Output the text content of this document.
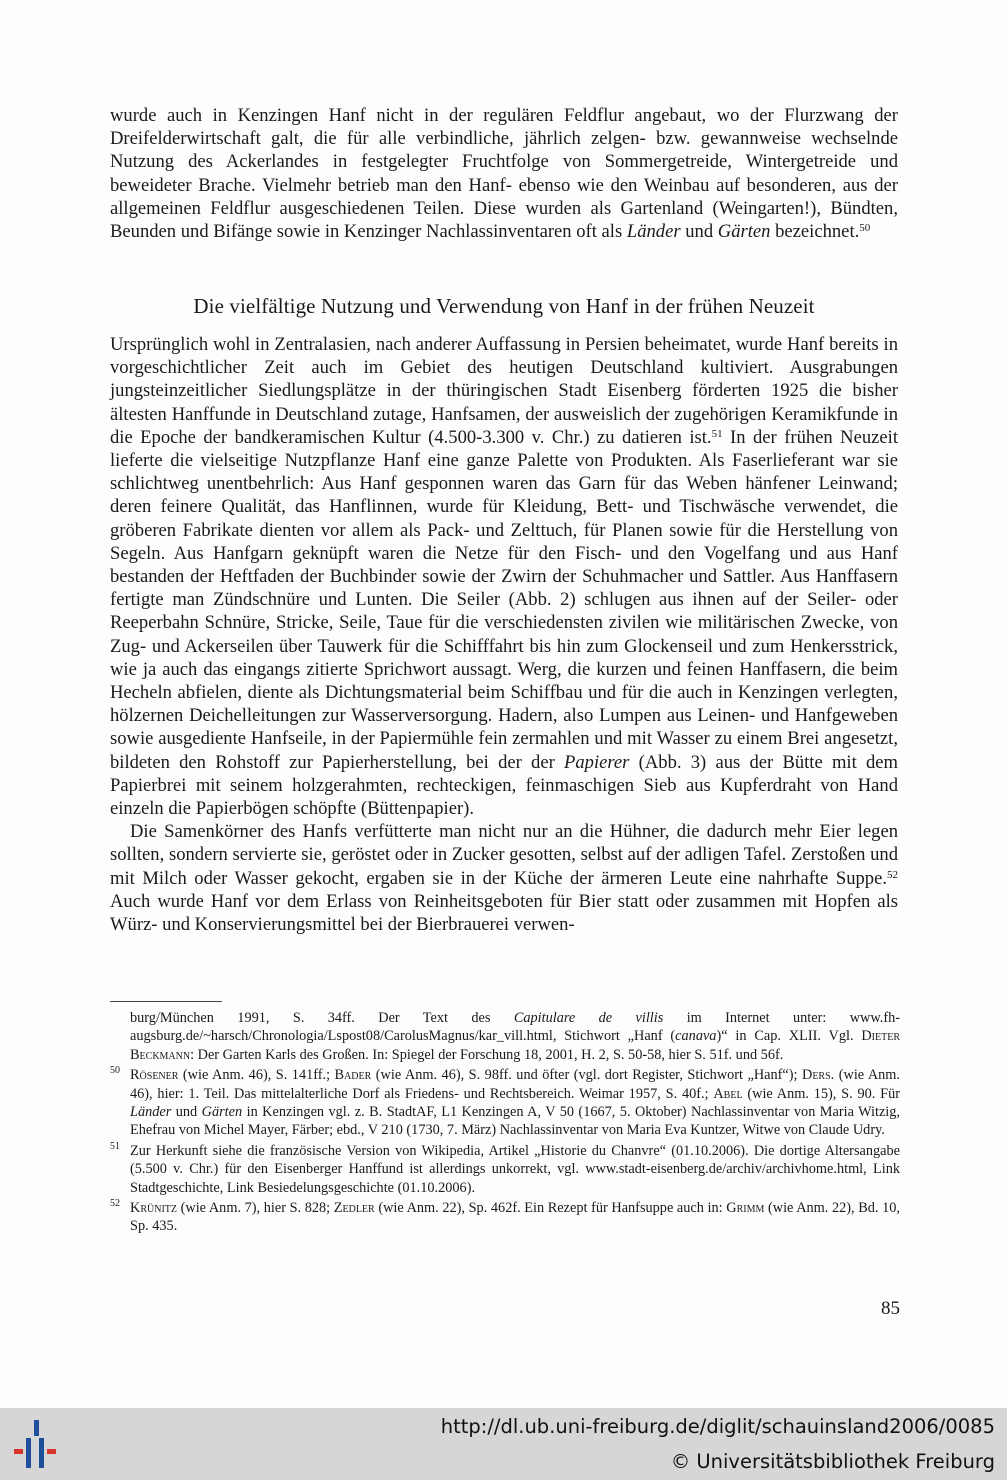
wurde auch in Kenzingen Hanf nicht in der regulären Feldflur angebaut, wo der Flurzwang der Dreifelderwirtschaft galt, die für alle verbindliche, jährlich zelgen- bzw. gewannweise wechselnde Nutzung des Ackerlandes in festgelegter Fruchtfolge von Sommergetreide, Wintergetreide und beweideter Brache. Vielmehr betrieb man den Hanf- ebenso wie den Weinbau auf besonderen, aus der allgemeinen Feldflur ausgeschiedenen Teilen. Diese wurden als Gartenland (Weingarten!), Bündten, Beunden und Bifänge sowie in Kenzinger Nachlassinventaren oft als Länder und Gärten bezeichnet.$^{50}$

Die vielfältige Nutzung und Verwendung von Hanf in der frühen Neuzeit

Ursprünglich wohl in Zentralasien, nach anderer Auffassung in Persien beheimatet, wurde Hanf bereits in vorgeschichtlicher Zeit auch im Gebiet des heutigen Deutschland kultiviert. Ausgrabungen jungsteinzeitlicher Siedlungsplätze in der thüringischen Stadt Eisenberg förderten 1925 die bisher ältesten Hanffunde in Deutschland zutage, Hanfsamen, der ausweislich der zugehörigen Keramikfunde in die Epoche der bandkeramischen Kultur (4.500-3.300 v. Chr.) zu datieren ist.$^{51}$ In der frühen Neuzeit lieferte die vielseitige Nutzpflanze Hanf eine ganze Palette von Produkten. Als Faserlieferant war sie schlichtweg unentbehrlich: Aus Hanf gesponnen waren das Garn für das Weben hänfener Leinwand; deren feinere Qualität, das Hanflinnen, wurde für Kleidung, Bett- und Tischwäsche verwendet, die gröberen Fabrikate dienten vor allem als Pack- und Zelttuch, für Planen sowie für die Herstellung von Segeln. Aus Hanfgarn geknüpft waren die Netze für den Fisch- und den Vogelfang und aus Hanf bestanden der Heftfaden der Buchbinder sowie der Zwirn der Schuhmacher und Sattler. Aus Hanffasern fertigte man Zündschnüre und Lunten. Die Seiler (Abb. 2) schlugen aus ihnen auf der Seiler- oder Reeperbahn Schnüre, Stricke, Seile, Taue für die verschiedensten zivilen wie militärischen Zwecke, von Zug- und Ackerseilen über Tauwerk für die Schifffahrt bis hin zum Glockenseil und zum Henkersstrick, wie ja auch das eingangs zitierte Sprichwort aussagt. Werg, die kurzen und feinen Hanffasern, die beim Hecheln abfielen, diente als Dichtungsmaterial beim Schiffbau und für die auch in Kenzingen verlegten, hölzernen Deichelleitungen zur Wasserversorgung. Hadern, also Lumpen aus Leinen- und Hanfgeweben sowie ausgediente Hanfseile, in der Papiermühle fein zermahlen und mit Wasser zu einem Brei angesetzt, bildeten den Rohstoff zur Papierherstellung, bei der der Papierer (Abb. 3) aus der Bütte mit dem Papierbrei mit seinem holzgerahmten, rechteckigen, feinmaschigen Sieb aus Kupferdraht von Hand einzeln die Papierbögen schöpfte (Büttenpapier).

Die Samenkörner des Hanfs verfütterte man nicht nur an die Hühner, die dadurch mehr Eier legen sollten, sondern servierte sie, geröstet oder in Zucker gesotten, selbst auf der adligen Tafel. Zerstoßen und mit Milch oder Wasser gekocht, ergaben sie in der Küche der ärmeren Leute eine nahrhafte Suppe.$^{52}$ Auch wurde Hanf vor dem Erlass von Reinheitsgeboten für Bier statt oder zusammen mit Hopfen als Würz- und Konservierungsmittel bei der Bierbrauerei verwen-

burg/München 1991, S. 34ff. Der Text des Capitulare de villis im Internet unter: www.fh-augsburg.de/~harsch/Chronologia/Lspost08/CarolusMagnus/kar_vill.html, Stichwort „Hanf (canava)“ in Cap. XLII. Vgl. Dieter Beckmann: Der Garten Karls des Großen. In: Spiegel der Forschung 18, 2001, H. 2, S. 50-58, hier S. 51f. und 56f.
50 Rösener (wie Anm. 46), S. 141ff.; Bader (wie Anm. 46), S. 98ff. und öfter (vgl. dort Register, Stichwort „Hanf“); Ders. (wie Anm. 46), hier: 1. Teil. Das mittelalterliche Dorf als Friedens- und Rechtsbereich. Weimar 1957, S. 40f.; Abel (wie Anm. 15), S. 90. Für Länder und Gärten in Kenzingen vgl. z. B. StadtAF, L1 Kenzingen A, V 50 (1667, 5. Oktober) Nachlassinventar von Maria Witzig, Ehefrau von Michel Mayer, Färber; ebd., V 210 (1730, 7. März) Nachlassinventar von Maria Eva Kuntzer, Witwe von Claude Udry.
51 Zur Herkunft siehe die französische Version von Wikipedia, Artikel „Historie du Chanvre“ (01.10.2006). Die dortige Altersangabe (5.500 v. Chr.) für den Eisenberger Hanffund ist allerdings unkorrekt, vgl. www.stadt-eisenberg.de/archiv/archivhome.html, Link Stadtgeschichte, Link Besiedelungsgeschichte (01.10.2006).
52 Krünitz (wie Anm. 7), hier S. 828; Zedler (wie Anm. 22), Sp. 462f. Ein Rezept für Hanfsuppe auch in: Grimm (wie Anm. 22), Bd. 10, Sp. 435.
85
http://dl.ub.uni-freiburg.de/diglit/schauinsland2006/0085
© Universitätsbibliothek Freiburg
